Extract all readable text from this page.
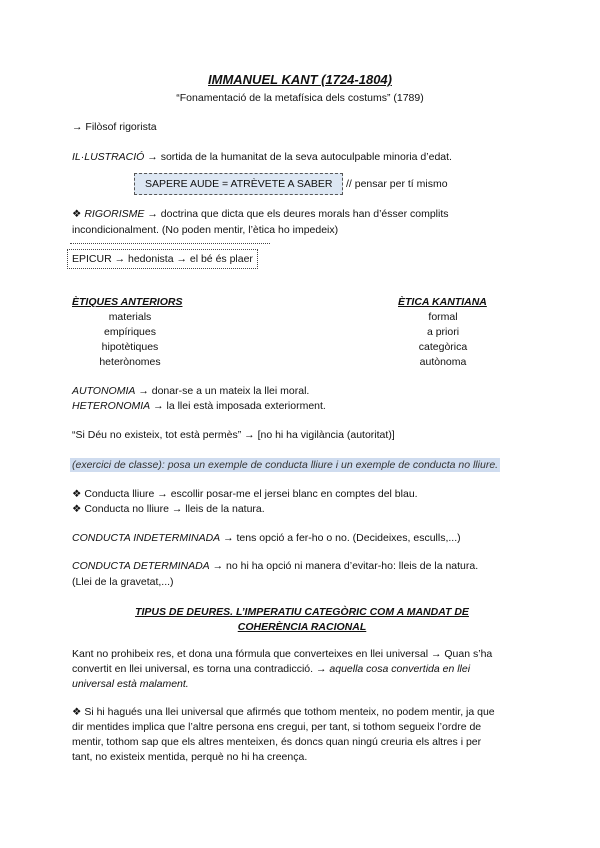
IMMANUEL KANT (1724-1804)
“Fonamentació de la metafísica dels costums” (1789)
→ Filòsof rigorista
IL·LUSTRACIÓ → sortida de la humanitat de la seva autoculpable minoria d’edat.
SAPERE AUDE = ATRÈVETE A SABER	// pensar per tí mismo
❖ RIGORISME → doctrina que dicta que els deures morals han d’ésser complits
incondicionalment. (No poden mentir, l’ètica ho impedeix)
EPICUR → hedonista → el bé és plaer
ÈTIQUES ANTERIORS	ÈTICA KANTIANA
materials
empíriques
hipotètiques
heterònomes
formal
a priori
categòrica
autònoma
AUTONOMIA → donar-se a un mateix la llei moral.
HETERONOMIA → la llei està imposada exteriorment.
“Si Déu no existeix, tot està permès” → [no hi ha vigilància (autoritat)]
(exercici de classe): posa un exemple de conducta lliure i un exemple de conducta no lliure.
❖ Conducta lliure → escollir posar-me el jersei blanc en comptes del blau.
❖ Conducta no lliure → lleis de la natura.
CONDUCTA INDETERMINADA → tens opció a fer-ho o no. (Decideixes, esculls,...)
CONDUCTA DETERMINADA → no hi ha opció ni manera d’evitar-ho: lleis de la natura.
(Llei de la gravetat,...)
TIPUS DE DEURES. L’IMPERATIU CATEGÒRIC COM A MANDAT DE
COHERÈNCIA RACIONAL
Kant no prohibeix res, et dona una fórmula que converteixes en llei universal → Quan s’ha
convertit en llei universal, es torna una contradicció. → aquella cosa convertida en llei
universal està malament.
❖ Si hi hagués una llei universal que afirmés que tothom menteix, no podem mentir, ja que
dir mentides implica que l’altre persona ens cregui, per tant, si tothom segueix l’ordre de
mentir, tothom sap que els altres menteixen, és doncs quan ningú creuria els altres i per
tant, no existeix mentida, perquè no hi ha creença.
